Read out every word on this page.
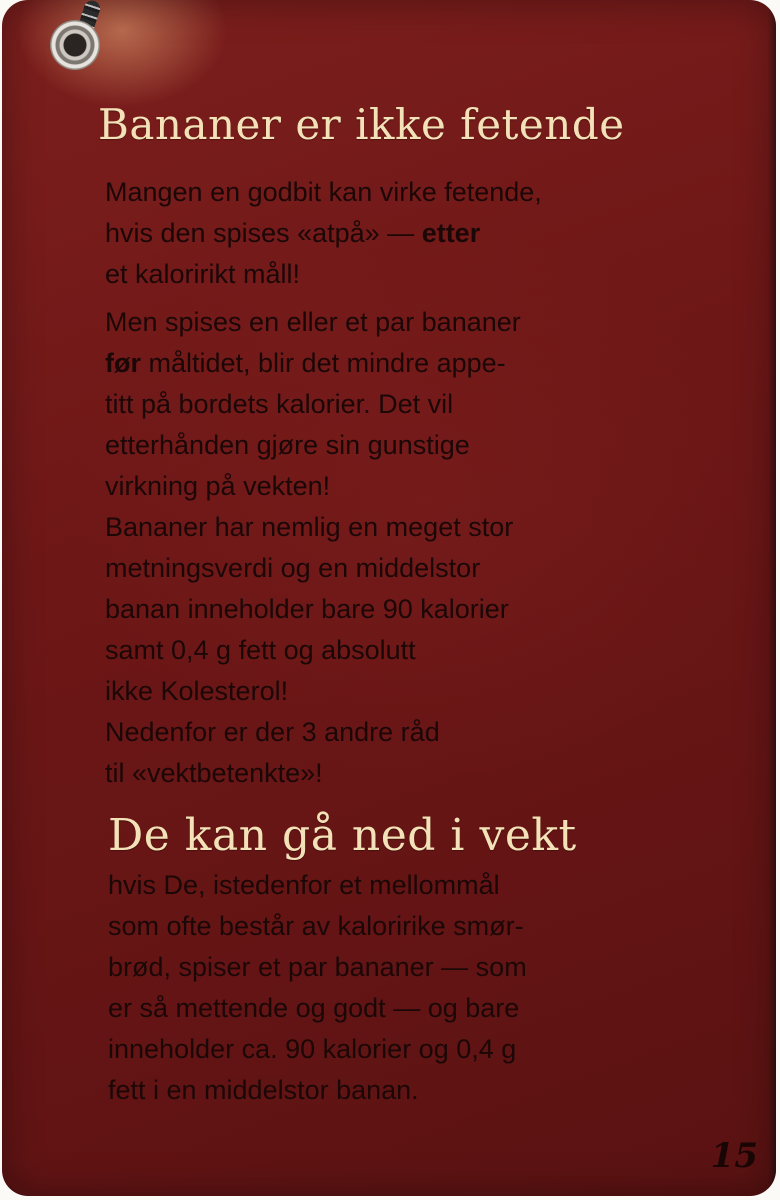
Bananer er ikke fetende

Mangen en godbit kan virke fetende,
hvis den spises «atpå» — etter
et kaloririkt måll!

Men spises en eller et par bananer
før måltidet, blir det mindre appe-
titt på bordets kalorier. Det vil
etterhånden gjøre sin gunstige
virkning på vekten!
Bananer har nemlig en meget stor
metningsverdi og en middelstor
banan inneholder bare 90 kalorier
samt 0,4 g fett og absolutt
ikke Kolesterol!
Nedenfor er der 3 andre råd
til «vektbetenkte»!

De kan gå ned i vekt

hvis De, istedenfor et mellommål
som ofte består av kaloririke smør-
brød, spiser et par bananer — som
er så mettende og godt — og bare
inneholder ca. 90 kalorier og 0,4 g
fett i en middelstor banan.

15
